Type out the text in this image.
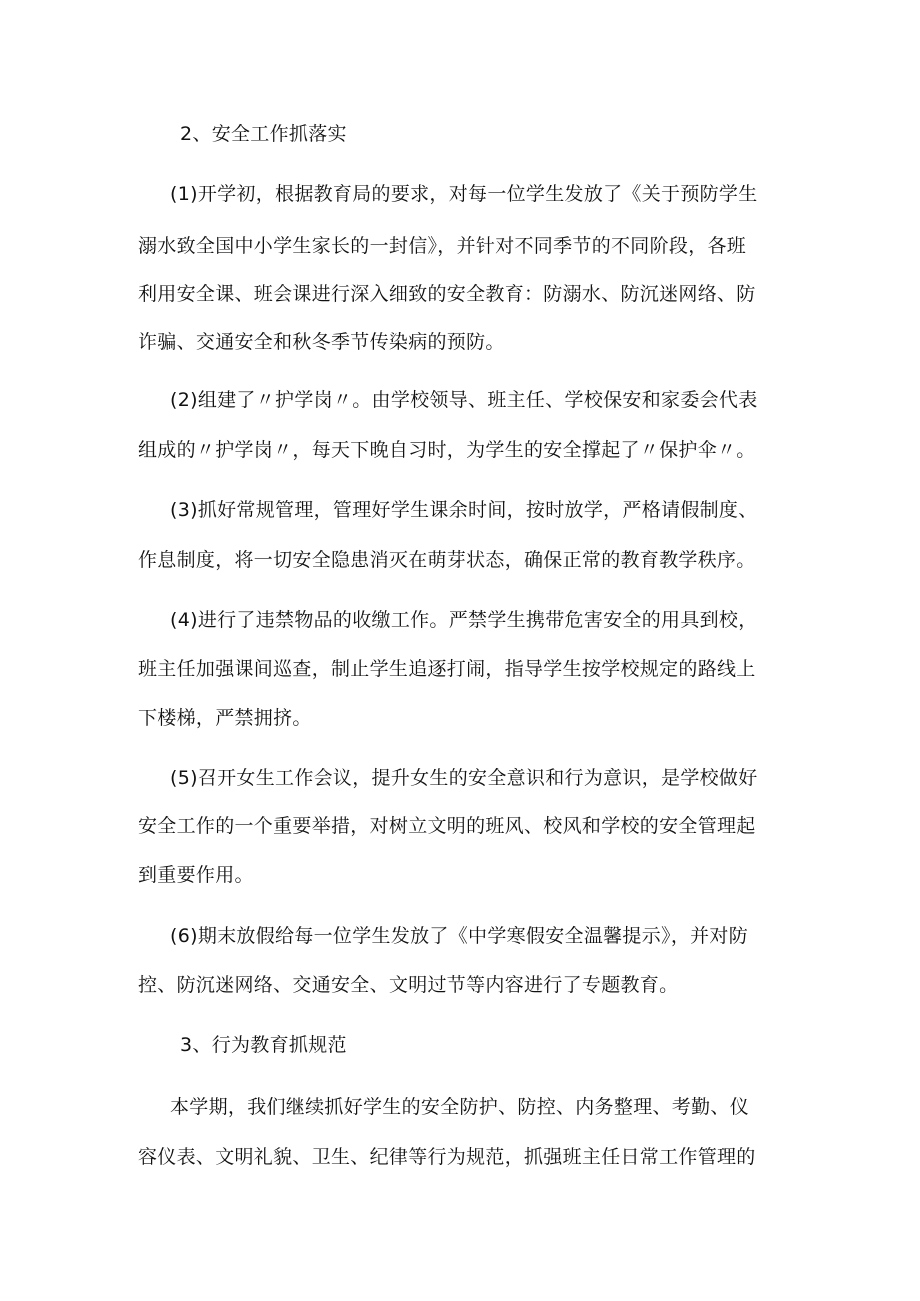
2、安全工作抓落实
(1)开学初，根据教育局的要求，对每一位学生发放了《关于预防学生
溺水致全国中小学生家长的一封信》，并针对不同季节的不同阶段，各班
利用安全课、班会课进行深入细致的安全教育：防溺水、防沉迷网络、防
诈骗、交通安全和秋冬季节传染病的预防。
(2)组建了〃护学岗〃。由学校领导、班主任、学校保安和家委会代表
组成的〃护学岗〃，每天下晚自习时，为学生的安全撑起了〃保护伞〃。
(3)抓好常规管理，管理好学生课余时间，按时放学，严格请假制度、
作息制度，将一切安全隐患消灭在萌芽状态，确保正常的教育教学秩序。
(4)进行了违禁物品的收缴工作。严禁学生携带危害安全的用具到校，
班主任加强课间巡查，制止学生追逐打闹，指导学生按学校规定的路线上
下楼梯，严禁拥挤。
(5)召开女生工作会议，提升女生的安全意识和行为意识，是学校做好
安全工作的一个重要举措，对树立文明的班风、校风和学校的安全管理起
到重要作用。
(6)期末放假给每一位学生发放了《中学寒假安全温馨提示》，并对防
控、防沉迷网络、交通安全、文明过节等内容进行了专题教育。
3、行为教育抓规范
本学期，我们继续抓好学生的安全防护、防控、内务整理、考勤、仪
容仪表、文明礼貌、卫生、纪律等行为规范，抓强班主任日常工作管理的
